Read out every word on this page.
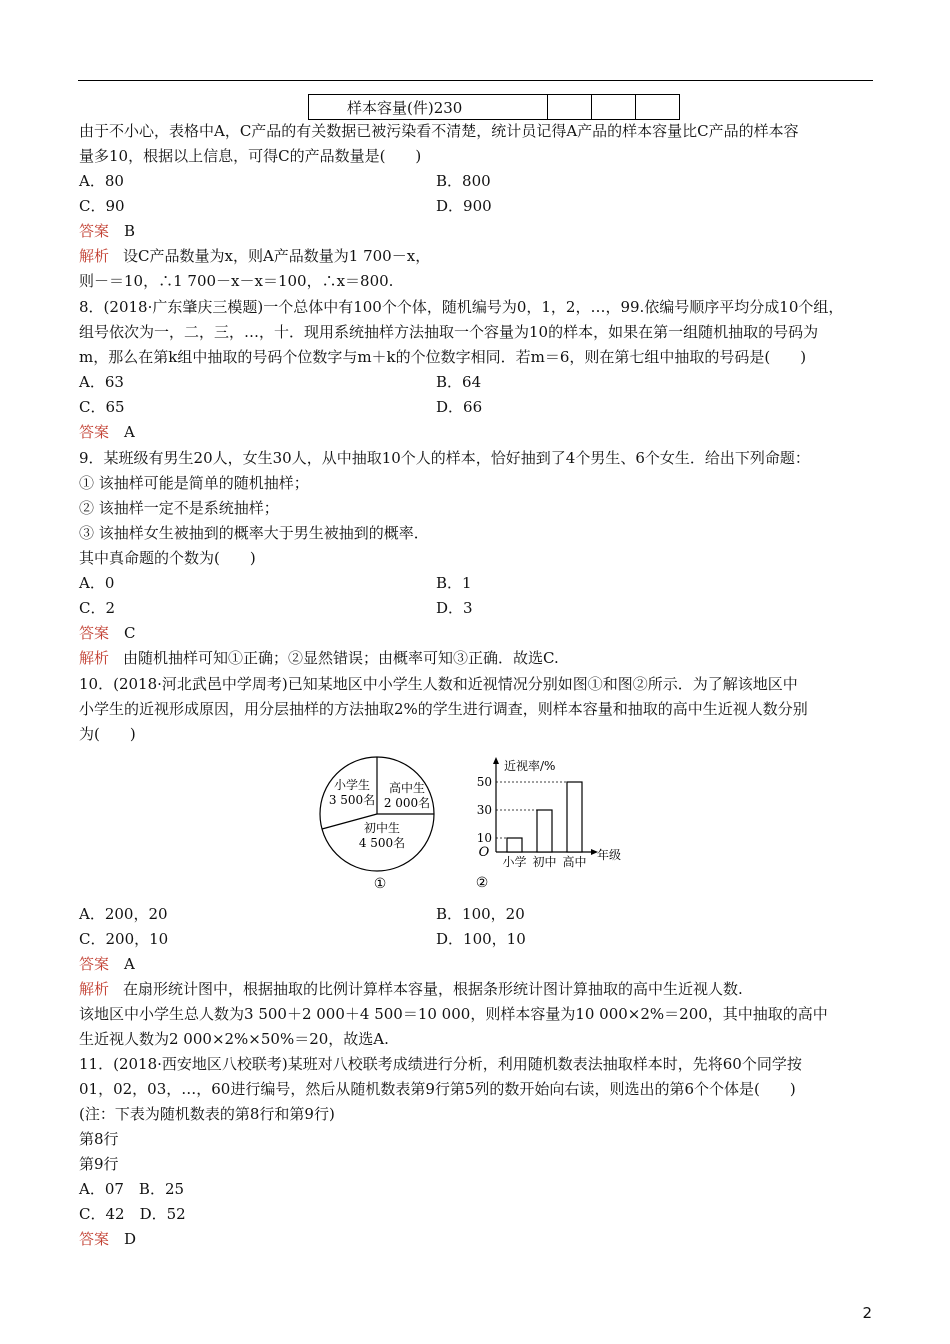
样本容量(件)230			
由于不小心，表格中A，C产品的有关数据已被污染看不清楚，统计员记得A产品的样本容量比C产品的样本容
量多10，根据以上信息，可得C的产品数量是(　　)
A．80	B．800
C．90	D．900
答案　 B
解析 设C产品数量为x，则A产品数量为1 700－x，
则－＝10，∴1 700－x－x＝100，∴x＝800.
8．(2018·广东肇庆三模题)一个总体中有100个个体，随机编号为0，1，2，…，99.依编号顺序平均分成10个组，
组号依次为一，二，三，…，十．现用系统抽样方法抽取一个容量为10的样本，如果在第一组随机抽取的号码为
m，那么在第k组中抽取的号码个位数字与m＋k的个位数字相同．若m＝6，则在第七组中抽取的号码是(　　)
A．63	B．64
C．65	D．66
答案　 A
9．某班级有男生20人，女生30人，从中抽取10个人的样本，恰好抽到了4个男生、6个女生．给出下列命题：
① 该抽样可能是简单的随机抽样；
② 该抽样一定不是系统抽样；
③ 该抽样女生被抽到的概率大于男生被抽到的概率．
其中真命题的个数为(　　)
A．0	B．1
C．2	D．3
答案　 C
解析 由随机抽样可知①正确；②显然错误；由概率可知③正确．故选C.
10．(2018·河北武邑中学周考)已知某地区中小学生人数和近视情况分别如图①和图②所示．为了解该地区中
小学生的近视形成原因，用分层抽样的方法抽取2%的学生进行调查，则样本容量和抽取的高中生近视人数分别
为(　　)
小学生
3 500名
高中生
2 000名
初中生
4 500名
①
近视率/%
O	年级
②
10
30
50
小学 初中 高中
A．200，20	B．100，20
C．200，10	D．100，10
答案　 A
解析 在扇形统计图中，根据抽取的比例计算样本容量，根据条形统计图计算抽取的高中生近视人数.
该地区中小学生总人数为3 500＋2 000＋4 500＝10 000，则样本容量为10 000×2%＝200，其中抽取的高中
生近视人数为2 000×2%×50%＝20，故选A.
11．(2018·西安地区八校联考)某班对八校联考成绩进行分析，利用随机数表法抽取样本时，先将60个同学按
01，02，03，…，60进行编号，然后从随机数表第9行第5列的数开始向右读，则选出的第6个个体是(　　)
(注：下表为随机数表的第8行和第9行)
第8行
第9行
A．07　B．25
C．42　D．52
答案　 D
2
